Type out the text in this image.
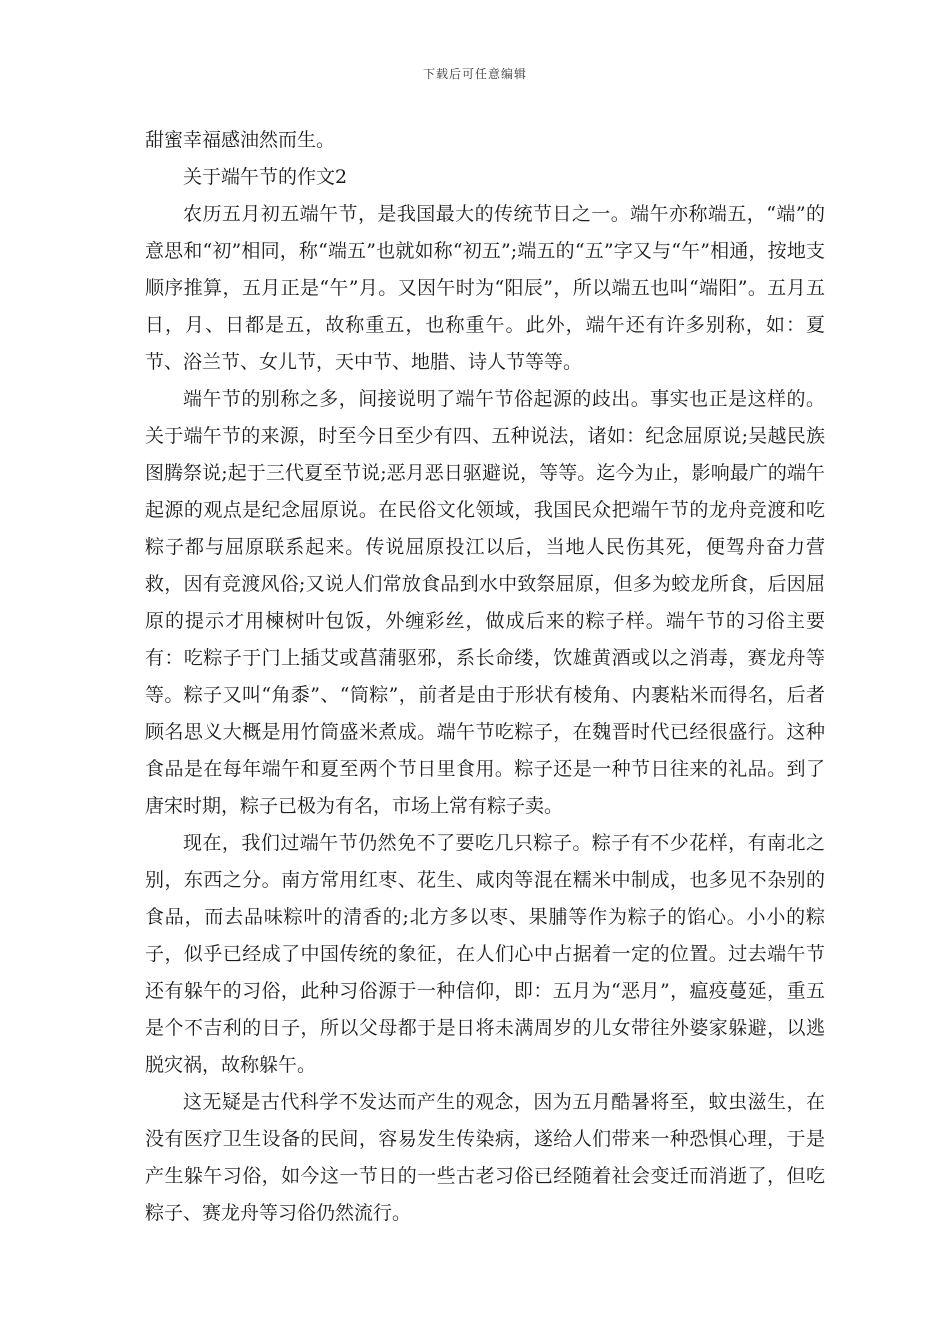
下载后可任意编辑

甜蜜幸福感油然而生。

关于端午节的作文2

农历五月初五端午节，是我国最大的传统节日之一。端午亦称端五，“端”的意思和“初”相同，称“端五”也就如称“初五”;端五的“五”字又与“午”相通，按地支顺序推算，五月正是“午”月。又因午时为“阳辰”，所以端五也叫“端阳”。五月五日，月、日都是五，故称重五，也称重午。此外，端午还有许多别称，如：夏节、浴兰节、女儿节，天中节、地腊、诗人节等等。

端午节的别称之多，间接说明了端午节俗起源的歧出。事实也正是这样的。关于端午节的来源，时至今日至少有四、五种说法，诸如：纪念屈原说;吴越民族图腾祭说;起于三代夏至节说;恶月恶日驱避说，等等。迄今为止，影响最广的端午起源的观点是纪念屈原说。在民俗文化领域，我国民众把端午节的龙舟竞渡和吃粽子都与屈原联系起来。传说屈原投江以后，当地人民伤其死，便驾舟奋力营救，因有竞渡风俗;又说人们常放食品到水中致祭屈原，但多为蛟龙所食，后因屈原的提示才用楝树叶包饭，外缠彩丝，做成后来的粽子样。端午节的习俗主要有：吃粽子于门上插艾或菖蒲驱邪，系长命缕，饮雄黄酒或以之消毒，赛龙舟等等。粽子又叫“角黍”、“筒粽”，前者是由于形状有棱角、内裹粘米而得名，后者顾名思义大概是用竹筒盛米煮成。端午节吃粽子，在魏晋时代已经很盛行。这种食品是在每年端午和夏至两个节日里食用。粽子还是一种节日往来的礼品。到了唐宋时期，粽子已极为有名，市场上常有粽子卖。

现在，我们过端午节仍然免不了要吃几只粽子。粽子有不少花样，有南北之别，东西之分。南方常用红枣、花生、咸肉等混在糯米中制成，也多见不杂别的食品，而去品味粽叶的清香的;北方多以枣、果脯等作为粽子的馅心。小小的粽子，似乎已经成了中国传统的象征，在人们心中占据着一定的位置。过去端午节还有躲午的习俗，此种习俗源于一种信仰，即：五月为“恶月”，瘟疫蔓延，重五是个不吉利的日子，所以父母都于是日将未满周岁的儿女带往外婆家躲避，以逃脱灾祸，故称躲午。

这无疑是古代科学不发达而产生的观念，因为五月酷暑将至，蚊虫滋生，在没有医疗卫生设备的民间，容易发生传染病，遂给人们带来一种恐惧心理，于是产生躲午习俗，如今这一节日的一些古老习俗已经随着社会变迁而消逝了，但吃粽子、赛龙舟等习俗仍然流行。
